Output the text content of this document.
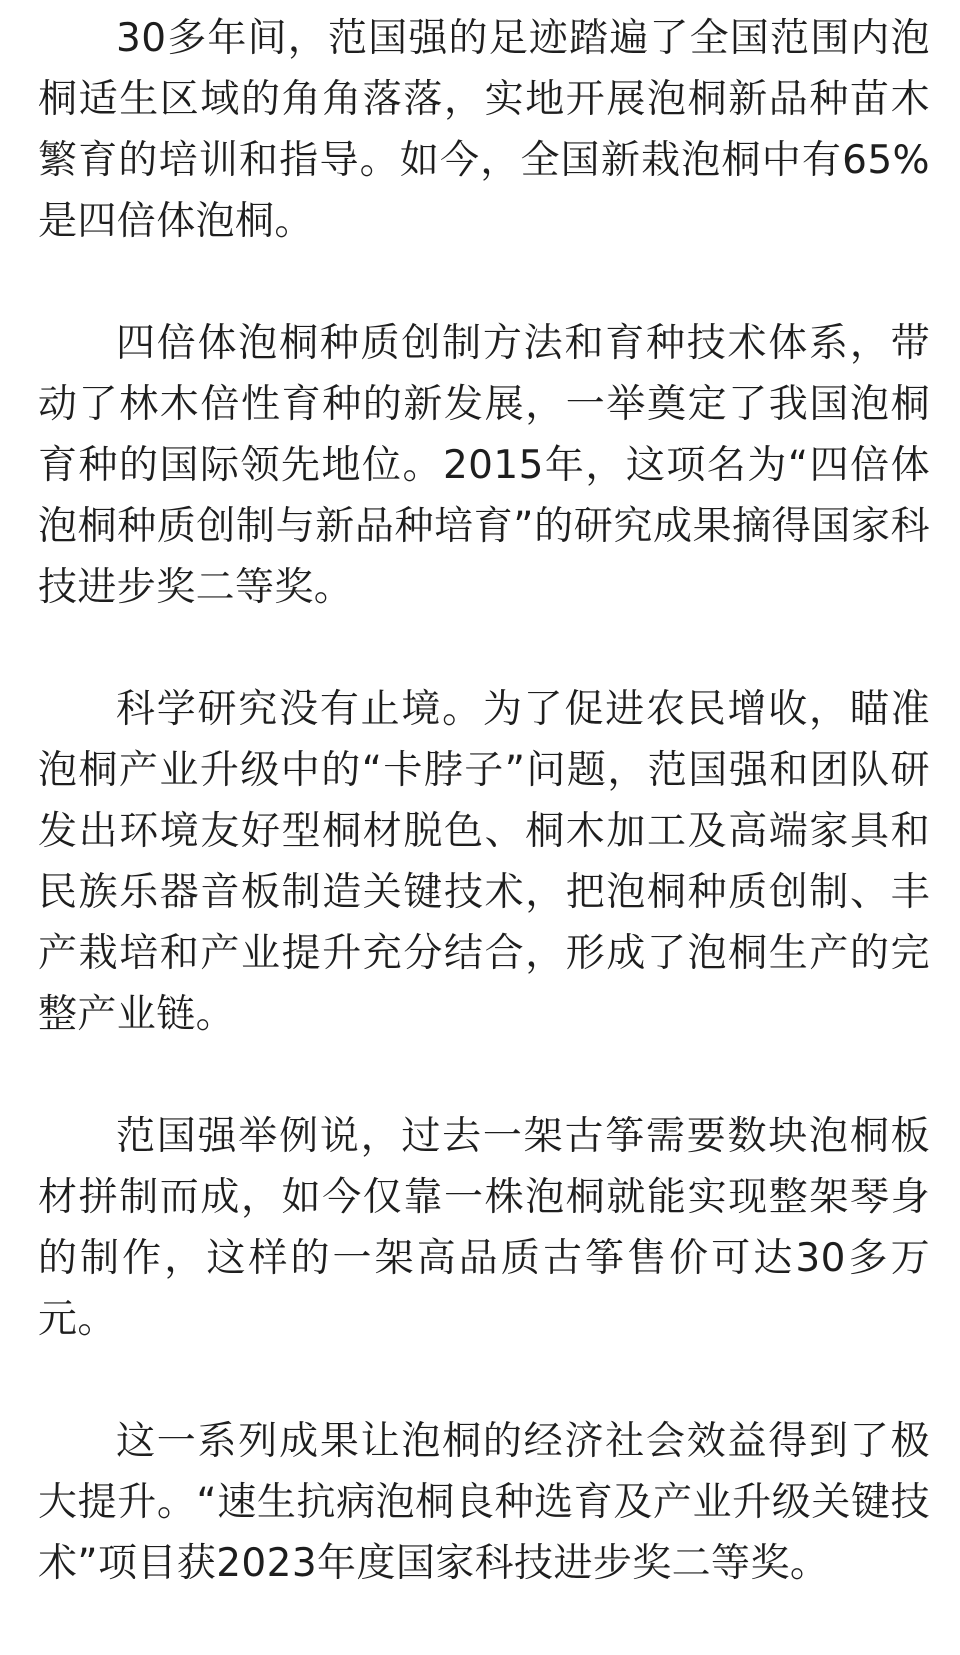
30多年间，范国强的足迹踏遍了全国范围内泡桐适生区域的角角落落，实地开展泡桐新品种苗木繁育的培训和指导。如今，全国新栽泡桐中有65%是四倍体泡桐。

四倍体泡桐种质创制方法和育种技术体系，带动了林木倍性育种的新发展，一举奠定了我国泡桐育种的国际领先地位。2015年，这项名为“四倍体泡桐种质创制与新品种培育”的研究成果摘得国家科技进步奖二等奖。

科学研究没有止境。为了促进农民增收，瞄准泡桐产业升级中的“卡脖子”问题，范国强和团队研发出环境友好型桐材脱色、桐木加工及高端家具和民族乐器音板制造关键技术，把泡桐种质创制、丰产栽培和产业提升充分结合，形成了泡桐生产的完整产业链。

范国强举例说，过去一架古筝需要数块泡桐板材拼制而成，如今仅靠一株泡桐就能实现整架琴身的制作，这样的一架高品质古筝售价可达30多万元。

这一系列成果让泡桐的经济社会效益得到了极大提升。“速生抗病泡桐良种选育及产业升级关键技术”项目获2023年度国家科技进步奖二等奖。
